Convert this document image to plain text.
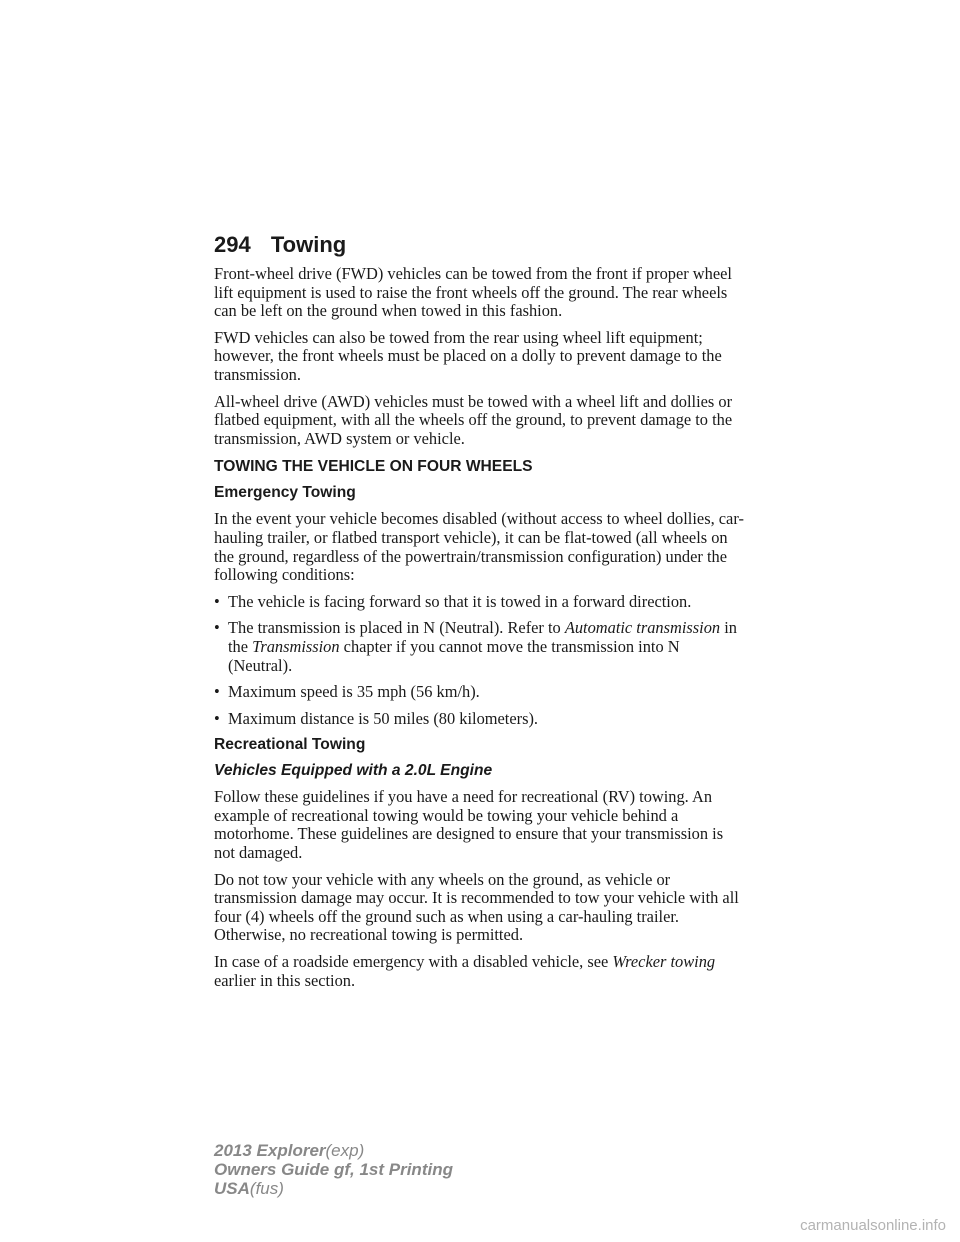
294 Towing

Front-wheel drive (FWD) vehicles can be towed from the front if proper wheel lift equipment is used to raise the front wheels off the ground. The rear wheels can be left on the ground when towed in this fashion.

FWD vehicles can also be towed from the rear using wheel lift equipment; however, the front wheels must be placed on a dolly to prevent damage to the transmission.

All-wheel drive (AWD) vehicles must be towed with a wheel lift and dollies or flatbed equipment, with all the wheels off the ground, to prevent damage to the transmission, AWD system or vehicle.

TOWING THE VEHICLE ON FOUR WHEELS
Emergency Towing

In the event your vehicle becomes disabled (without access to wheel dollies, car-hauling trailer, or flatbed transport vehicle), it can be flat-towed (all wheels on the ground, regardless of the powertrain/transmission configuration) under the following conditions:

• The vehicle is facing forward so that it is towed in a forward direction.
• The transmission is placed in N (Neutral). Refer to Automatic transmission in the Transmission chapter if you cannot move the transmission into N (Neutral).
• Maximum speed is 35 mph (56 km/h).
• Maximum distance is 50 miles (80 kilometers).
Recreational Towing
Vehicles Equipped with a 2.0L Engine

Follow these guidelines if you have a need for recreational (RV) towing. An example of recreational towing would be towing your vehicle behind a motorhome. These guidelines are designed to ensure that your transmission is not damaged.

Do not tow your vehicle with any wheels on the ground, as vehicle or transmission damage may occur. It is recommended to tow your vehicle with all four (4) wheels off the ground such as when using a car-hauling trailer. Otherwise, no recreational towing is permitted.

In case of a roadside emergency with a disabled vehicle, see Wrecker towing earlier in this section.

2013 Explorer(exp)
Owners Guide gf, 1st Printing
USA(fus)
carmanualsonline.info
